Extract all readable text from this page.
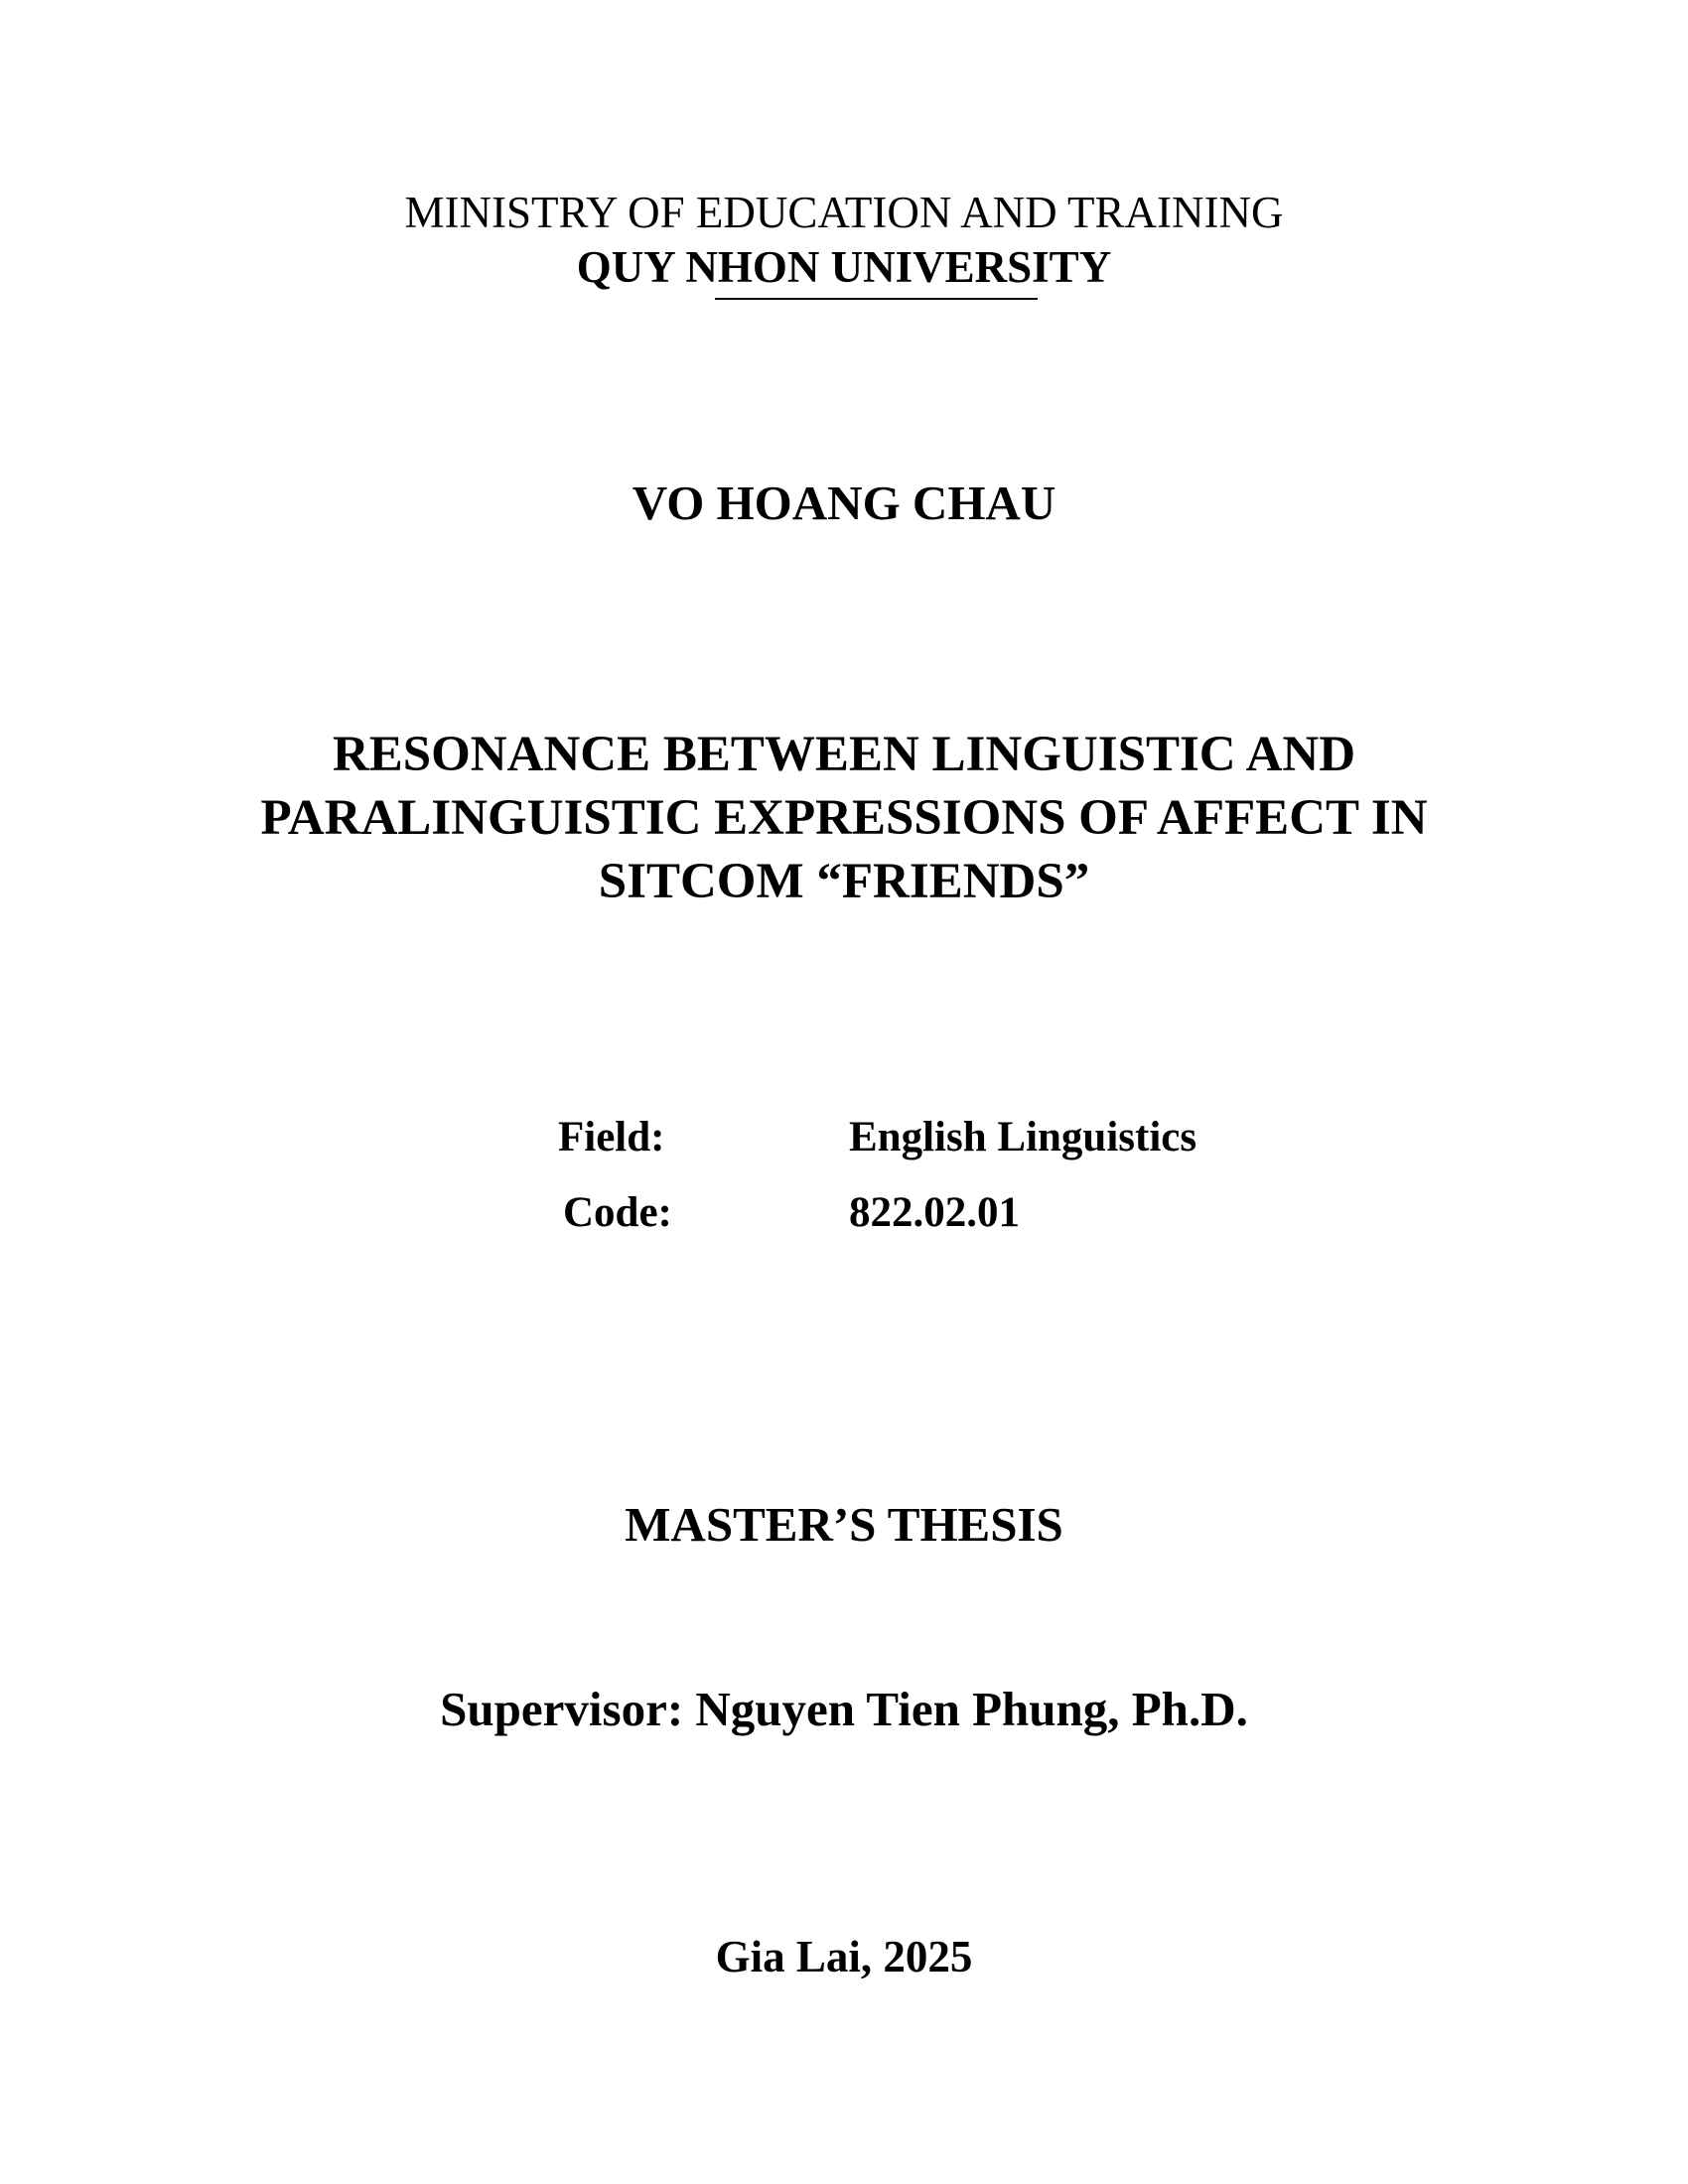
MINISTRY OF EDUCATION AND TRAINING
QUY NHON UNIVERSITY
VO HOANG CHAU
RESONANCE BETWEEN LINGUISTIC AND
PARALINGUISTIC EXPRESSIONS OF AFFECT IN
SITCOM “FRIENDS”
Field:	English Linguistics
Code:	822.02.01
MASTER’S THESIS
Supervisor: Nguyen Tien Phung, Ph.D.
Gia Lai, 2025
